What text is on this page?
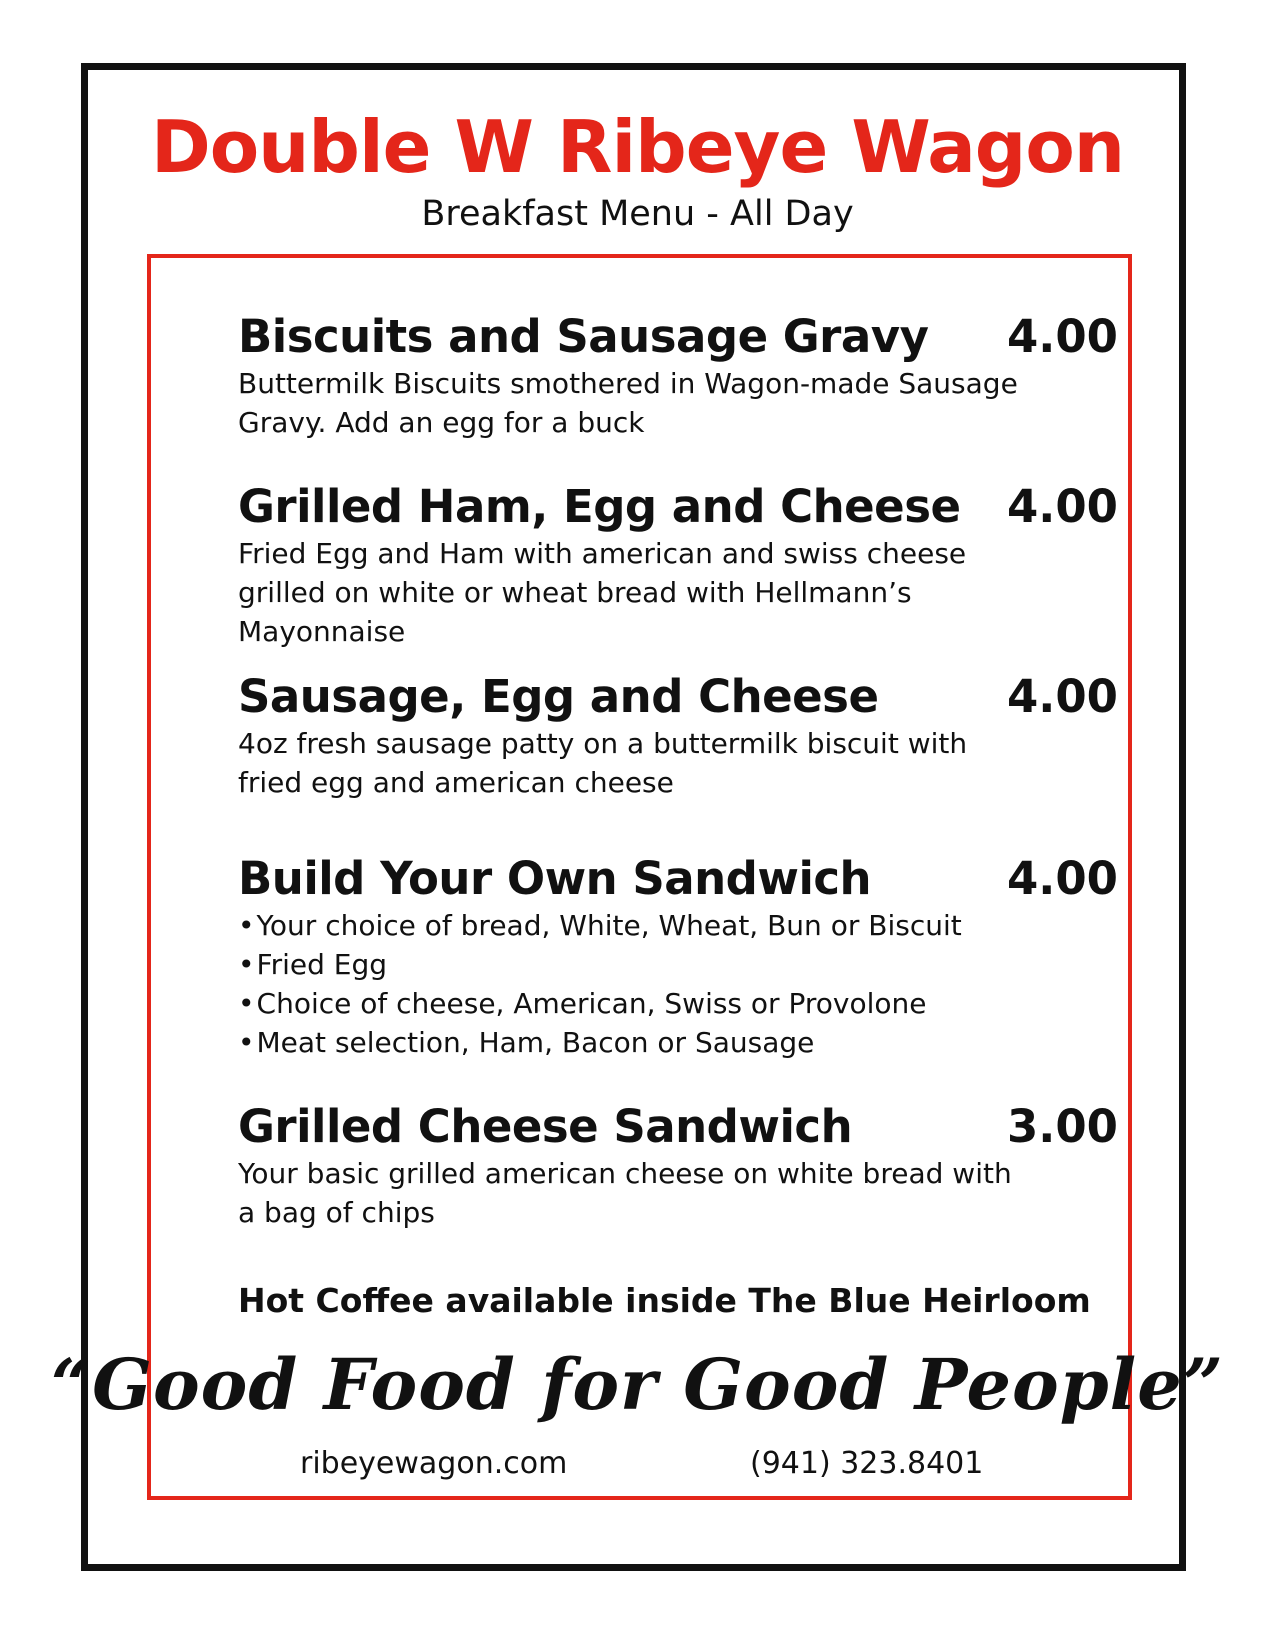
Double W Ribeye Wagon
Breakfast Menu - All Day
Biscuits and Sausage Gravy 4.00
Buttermilk Biscuits smothered in Wagon-made Sausage Gravy. Add an egg for a buck
Grilled Ham, Egg and Cheese 4.00
Fried Egg and Ham with american and swiss cheese grilled on white or wheat bread with Hellmann’s Mayonnaise
Sausage, Egg and Cheese	4.00
4oz fresh sausage patty on a buttermilk biscuit with fried egg and american cheese
Build Your Own Sandwich	4.00
•Your choice of bread, White, Wheat, Bun or Biscuit
•Fried Egg
•Choice of cheese, American, Swiss or Provolone
•Meat selection, Ham, Bacon or Sausage
Grilled Cheese Sandwich	3.00
Your basic grilled american cheese on white bread with a bag of chips
Hot Coffee available inside The Blue Heirloom
“Good Food for Good People”
ribeyewagon.com	(941) 323.8401
